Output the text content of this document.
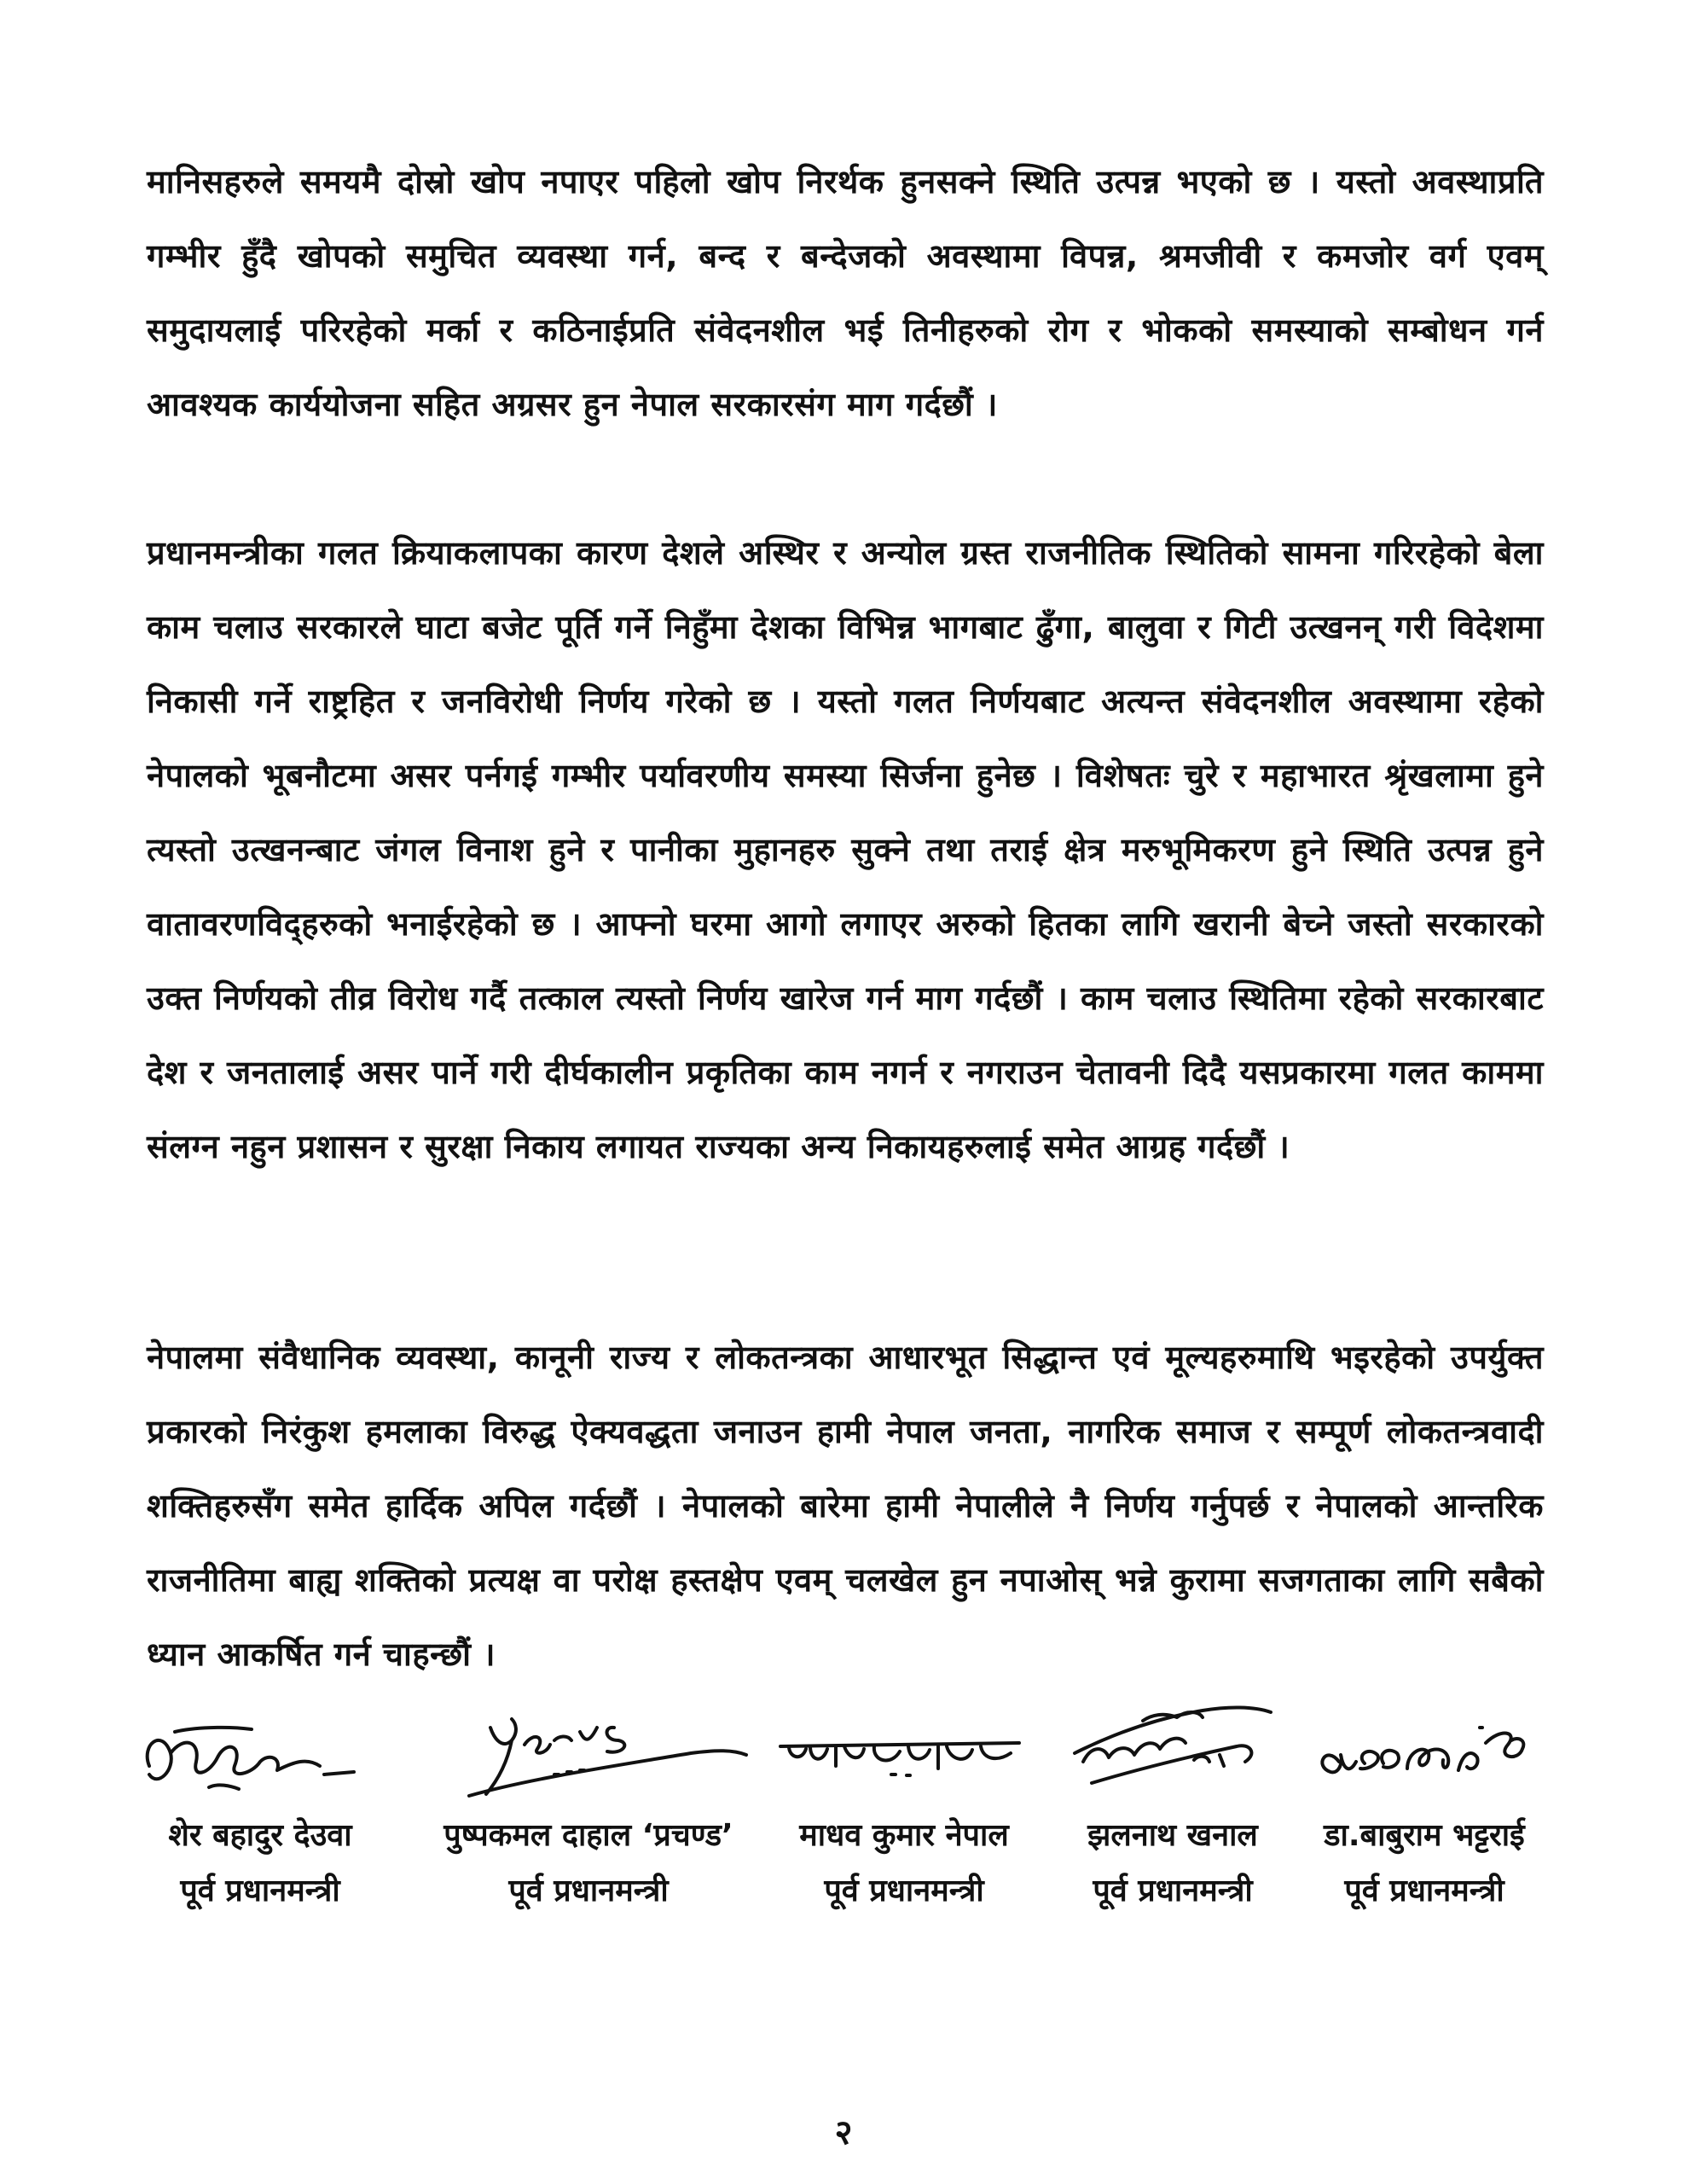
मानिसहरुले समयमै दोस्रो खोप नपाएर पहिलो खोप निरर्थक हुनसक्ने स्थिति उत्पन्न भएको छ । यस्तो अवस्थाप्रति गम्भीर हुँदै खोपको समुचित व्यवस्था गर्न, बन्द र बन्देजको अवस्थामा विपन्न, श्रमजीवी र कमजोर वर्ग एवम् समुदायलाई परिरहेको मर्का र कठिनाईप्रति संवेदनशील भई तिनीहरुको रोग र भोकको समस्याको सम्बोधन गर्न आवश्यक कार्ययोजना सहित अग्रसर हुन नेपाल सरकारसंग माग गर्दछौं ।

प्रधानमन्त्रीका गलत क्रियाकलापका कारण देशले अस्थिर र अन्योल ग्रस्त राजनीतिक स्थितिको सामना गरिरहेको बेला काम चलाउ सरकारले घाटा बजेट पूर्ति गर्ने निहुँमा देशका विभिन्न भागबाट ढुँगा, बालुवा र गिटी उत्खनन् गरी विदेशमा निकासी गर्ने राष्ट्रहित र जनविरोधी निर्णय गरेको छ । यस्तो गलत निर्णयबाट अत्यन्त संवेदनशील अवस्थामा रहेको नेपालको भूबनौटमा असर पर्नगई गम्भीर पर्यावरणीय समस्या सिर्जना हुनेछ । विशेषतः चुरे र महाभारत श्रृंखलामा हुने त्यस्तो उत्खनन्बाट जंगल विनाश हुने र पानीका मुहानहरु सुक्ने तथा तराई क्षेत्र मरुभूमिकरण हुने स्थिति उत्पन्न हुने वातावरणविद्हरुको भनाईरहेको छ । आफ्नो घरमा आगो लगाएर अरुको हितका लागि खरानी बेच्ने जस्तो सरकारको उक्त निर्णयको तीव्र विरोध गर्दै तत्काल त्यस्तो निर्णय खारेज गर्न माग गर्दछौं । काम चलाउ स्थितिमा रहेको सरकारबाट देश र जनतालाई असर पार्ने गरी दीर्घकालीन प्रकृतिका काम नगर्न र नगराउन चेतावनी दिदै यसप्रकारमा गलत काममा संलग्न नहुन प्रशासन र सुरक्षा निकाय लगायत राज्यका अन्य निकायहरुलाई समेत आग्रह गर्दछौं ।

नेपालमा संवैधानिक व्यवस्था, कानूनी राज्य र लोकतन्त्रका आधारभूत सिद्धान्त एवं मूल्यहरुमाथि भइरहेको उपर्युक्त प्रकारको निरंकुश हमलाका विरुद्ध ऐक्यवद्धता जनाउन हामी नेपाल जनता, नागरिक समाज र सम्पूर्ण लोकतन्त्रवादी शक्तिहरुसँग समेत हार्दिक अपिल गर्दछौं । नेपालको बारेमा हामी नेपालीले नै निर्णय गर्नुपर्छ र नेपालको आन्तरिक राजनीतिमा बाह्य शक्तिको प्रत्यक्ष वा परोक्ष हस्तक्षेप एवम् चलखेल हुन नपाओस् भन्ने कुरामा सजगताका लागि सबैको ध्यान आकर्षित गर्न चाहन्छौं ।

शेर बहादुर देउवा
पूर्व प्रधानमन्त्री
पुष्पकमल दाहाल ‘प्रचण्ड’
पूर्व प्रधानमन्त्री
माधव कुमार नेपाल
पूर्व प्रधानमन्त्री
झलनाथ खनाल
पूर्व प्रधानमन्त्री
डा.बाबुराम भट्टराई
पूर्व प्रधानमन्त्री
२
